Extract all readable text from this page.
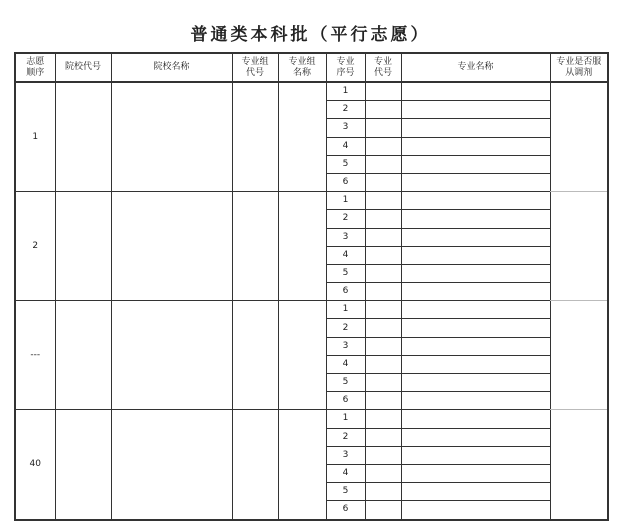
普通类本科批（平行志愿）
志愿顺序	院校代号	院校名称	专业组代号	专业组名称	专业序号	专业代号	专业名称	专业是否服从调剂
1					1			
					2			
					3			
					4			
					5			
					6			
2					1			
					2			
					3			
					4			
					5			
					6			
---					1			
					2			
					3			
					4			
					5			
					6			
40					1			
					2			
					3			
					4			
					5			
					6			
